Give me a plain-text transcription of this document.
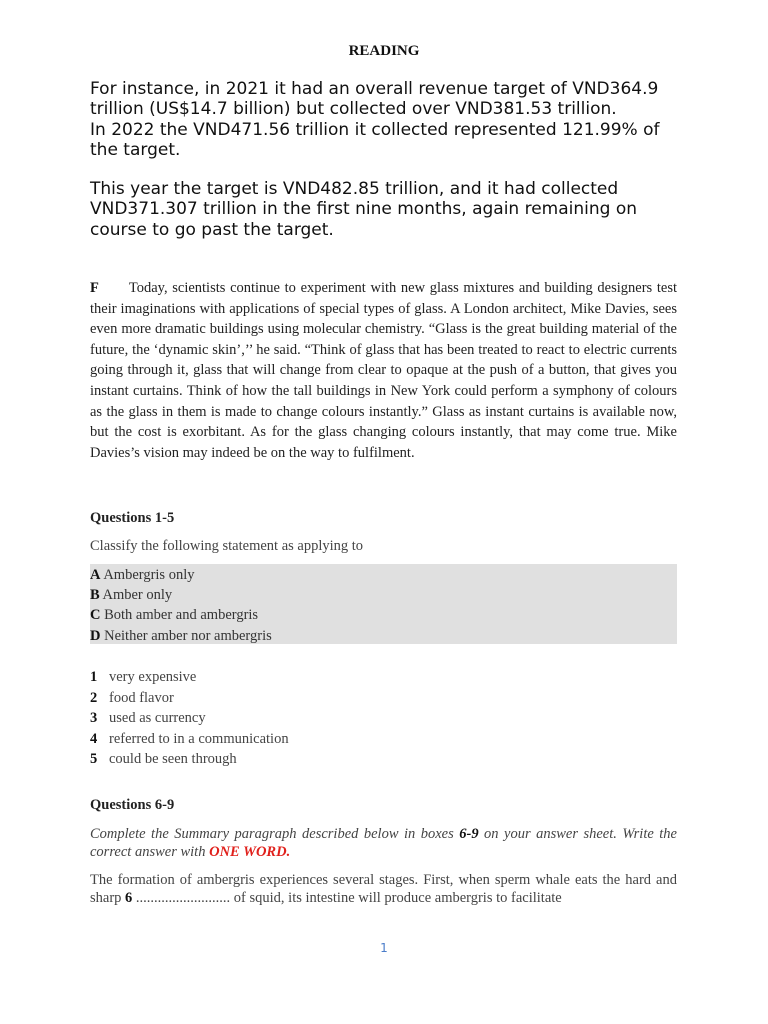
READING

For instance, in 2021 it had an overall revenue target of VND364.9

trillion (US$14.7 billion) but collected over VND381.53 trillion.

In 2022 the VND471.56 trillion it collected represented 121.99% of

the target.

This year the target is VND482.85 trillion, and it had collected

VND371.307 trillion in the first nine months, again remaining on

course to go past the target.

F Today, scientists continue to experiment with new glass mixtures and building designers test their imaginations with applications of special types of glass. A London architect, Mike Davies, sees even more dramatic buildings using molecular chemistry. “Glass is the great building material of the future, the ‘dynamic skin’,’’ he said. “Think of glass that has been treated to react to electric currents going through it, glass that will change from clear to opaque at the push of a button, that gives you instant curtains. Think of how the tall buildings in New York could perform a symphony of colours as the glass in them is made to change colours instantly.” Glass as instant curtains is available now, but the cost is exorbitant. As for the glass changing colours instantly, that may come true. Mike Davies’s vision may indeed be on the way to fulfilment.
Questions 1-5
Classify the following statement as applying to
A Ambergris only
B Amber only
C Both amber and ambergris
D Neither amber nor ambergris
1 very expensive
2 food flavor
3 used as currency
4 referred to in a communication
5 could be seen through
Questions 6-9
Complete the Summary paragraph described below in boxes 6-9 on your answer sheet. Write the correct answer with ONE WORD.
The formation of ambergris experiences several stages. First, when sperm whale eats the hard and sharp 6 .......................... of squid, its intestine will produce ambergris to facilitate
1
